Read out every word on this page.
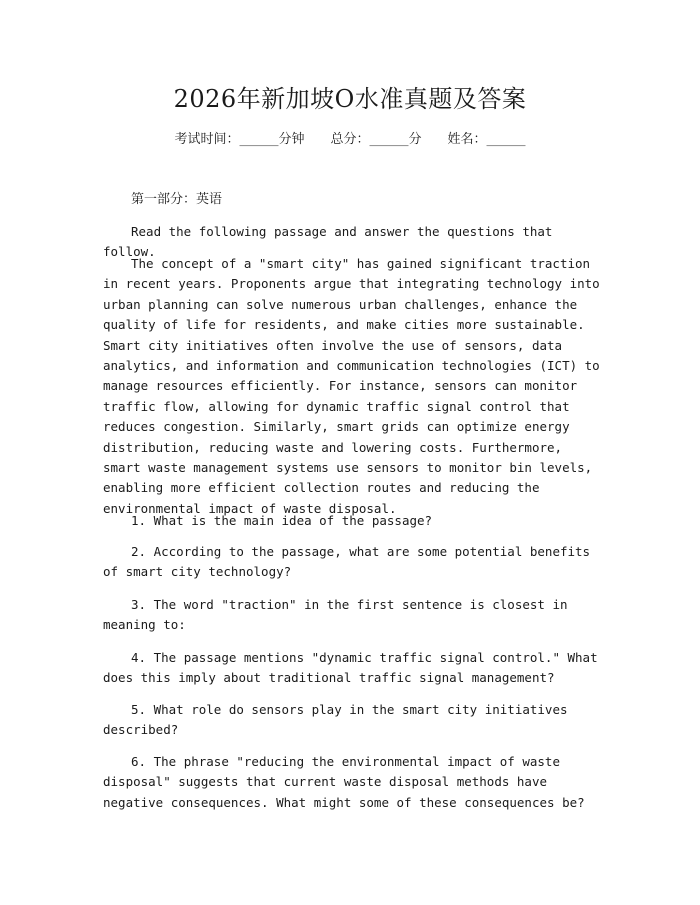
2026年新加坡O水准真题及答案
考试时间：______分钟 总分：______分 姓名：______
第一部分：英语

Read the following passage and answer the questions that follow.

The concept of a "smart city" has gained significant traction in recent years. Proponents argue that integrating technology into urban planning can solve numerous urban challenges, enhance the quality of life for residents, and make cities more sustainable. Smart city initiatives often involve the use of sensors, data analytics, and information and communication technologies (ICT) to manage resources efficiently. For instance, sensors can monitor traffic flow, allowing for dynamic traffic signal control that reduces congestion. Similarly, smart grids can optimize energy distribution, reducing waste and lowering costs. Furthermore, smart waste management systems use sensors to monitor bin levels, enabling more efficient collection routes and reducing the environmental impact of waste disposal.

1. What is the main idea of the passage?

2. According to the passage, what are some potential benefits of smart city technology?

3. The word "traction" in the first sentence is closest in meaning to:

4. The passage mentions "dynamic traffic signal control." What does this imply about traditional traffic signal management?

5. What role do sensors play in the smart city initiatives described?

6. The phrase "reducing the environmental impact of waste disposal" suggests that current waste disposal methods have negative consequences. What might some of these consequences be?
